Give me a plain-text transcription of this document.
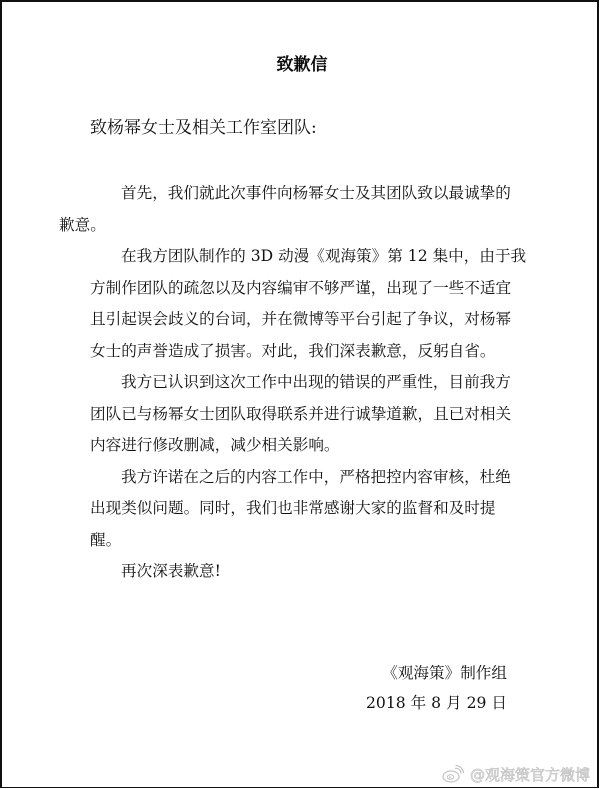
致歉信
致杨幂女士及相关工作室团队:

首先，我们就此次事件向杨幂女士及其团队致以最诚挚的
歉意。

在我方团队制作的 3D 动漫《观海策》第 12 集中，由于我
方制作团队的疏忽以及内容编审不够严谨，出现了一些不适宜
且引起误会歧义的台词，并在微博等平台引起了争议，对杨幂
女士的声誉造成了损害。对此，我们深表歉意，反躬自省。

我方已认识到这次工作中出现的错误的严重性，目前我方
团队已与杨幂女士团队取得联系并进行诚挚道歉，且已对相关
内容进行修改删减，减少相关影响。

我方许诺在之后的内容工作中，严格把控内容审核，杜绝
出现类似问题。同时，我们也非常感谢大家的监督和及时提
醒。

再次深表歉意!

《观海策》制作组
2018 年 8 月 29 日
@观海策官方微博
